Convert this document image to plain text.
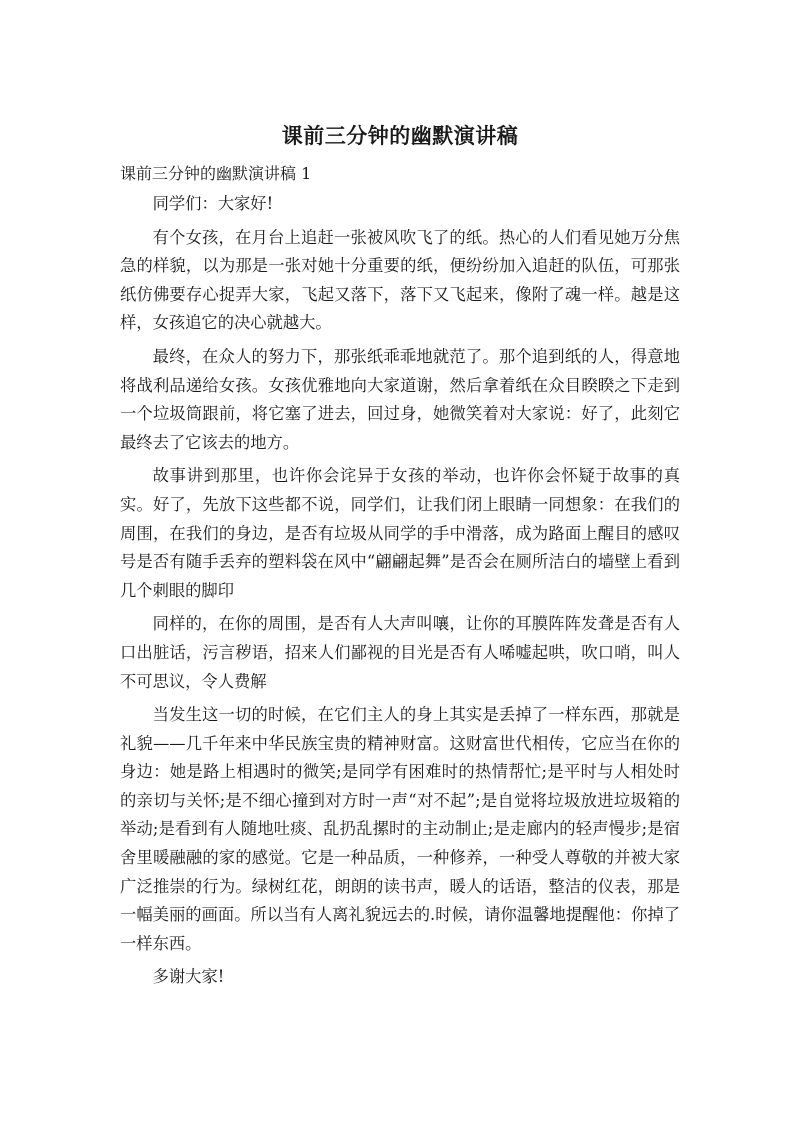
课前三分钟的幽默演讲稿

课前三分钟的幽默演讲稿 1

同学们：大家好!

有个女孩，在月台上追赶一张被风吹飞了的纸。热心的人们看见她万分焦急的样貌，以为那是一张对她十分重要的纸，便纷纷加入追赶的队伍，可那张纸仿佛要存心捉弄大家，飞起又落下，落下又飞起来，像附了魂一样。越是这样，女孩追它的决心就越大。

最终，在众人的努力下，那张纸乖乖地就范了。那个追到纸的人，得意地将战利品递给女孩。女孩优雅地向大家道谢，然后拿着纸在众目睽睽之下走到一个垃圾筒跟前，将它塞了进去，回过身，她微笑着对大家说：好了，此刻它最终去了它该去的地方。

故事讲到那里，也许你会诧异于女孩的举动，也许你会怀疑于故事的真实。好了，先放下这些都不说，同学们，让我们闭上眼睛一同想象：在我们的周围，在我们的身边，是否有垃圾从同学的手中滑落，成为路面上醒目的感叹号是否有随手丢弃的塑料袋在风中“翩翩起舞”是否会在厕所洁白的墙壁上看到几个刺眼的脚印

同样的，在你的周围，是否有人大声叫嚷，让你的耳膜阵阵发聋是否有人口出脏话，污言秽语，招来人们鄙视的目光是否有人唏嘘起哄，吹口哨，叫人不可思议，令人费解

当发生这一切的时候，在它们主人的身上其实是丢掉了一样东西，那就是礼貌——几千年来中华民族宝贵的精神财富。这财富世代相传，它应当在你的身边：她是路上相遇时的微笑;是同学有困难时的热情帮忙;是平时与人相处时的亲切与关怀;是不细心撞到对方时一声“对不起”;是自觉将垃圾放进垃圾箱的举动;是看到有人随地吐痰、乱扔乱摞时的主动制止;是走廊内的轻声慢步;是宿舍里暖融融的家的感觉。它是一种品质，一种修养，一种受人尊敬的并被大家广泛推崇的行为。绿树红花，朗朗的读书声，暖人的话语，整洁的仪表，那是一幅美丽的画面。所以当有人离礼貌远去的.时候，请你温馨地提醒他：你掉了一样东西。

多谢大家!
